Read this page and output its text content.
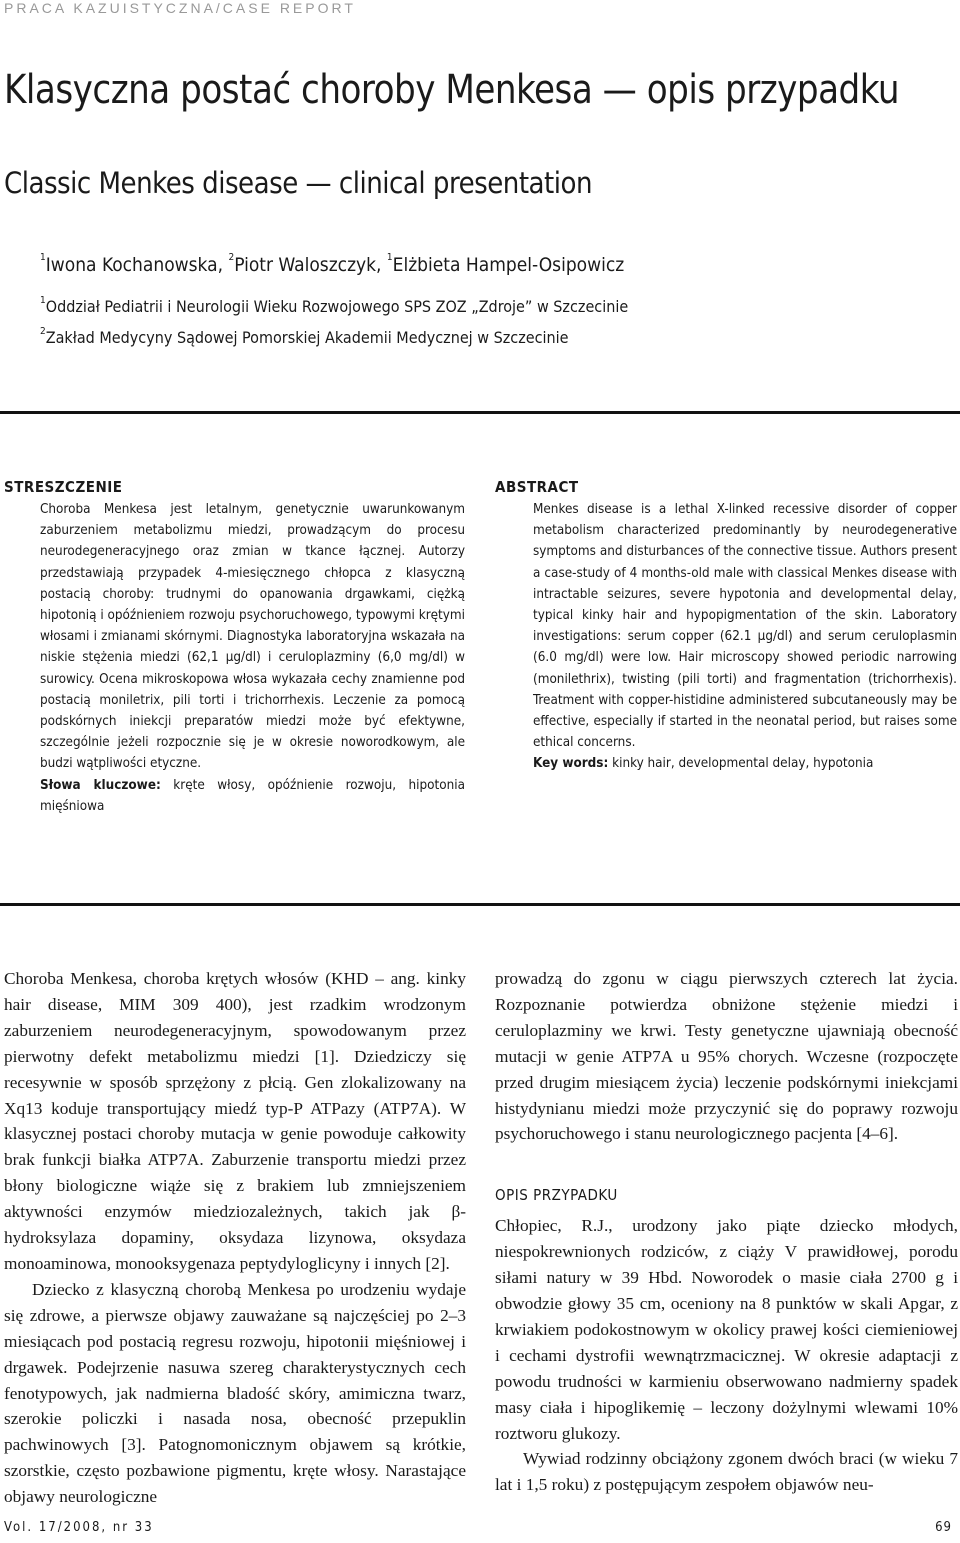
PRACA KAZUISTYCZNA/CASE REPORT
Klasyczna postać choroby Menkesa — opis przypadku
Classic Menkes disease — clinical presentation
$^1$Iwona Kochanowska, $^2$Piotr Waloszczyk, $^1$Elżbieta Hampel-Osipowicz
$^1$Oddział Pediatrii i Neurologii Wieku Rozwojowego SPS ZOZ „Zdroje” w Szczecinie
$^2$Zakład Medycyny Sądowej Pomorskiej Akademii Medycznej w Szczecinie
STRESZCZENIE

Choroba Menkesa jest letalnym, genetycznie uwarunkowanym zaburzeniem metabolizmu miedzi, prowadzącym do procesu neurodegeneracyjnego oraz zmian w tkance łącznej. Autorzy przedstawiają przypadek 4-miesięcznego chłopca z klasyczną postacią choroby: trudnymi do opanowania drgawkami, ciężką hipotonią i opóźnieniem rozwoju psychoruchowego, typowymi krętymi włosami i zmianami skórnymi. Diagnostyka laboratoryjna wskazała na niskie stężenia miedzi (62,1 μg/dl) i ceruloplazminy (6,0 mg/dl) w surowicy. Ocena mikroskopowa włosa wykazała cechy znamienne pod postacią moniletrix, pili torti i trichorrhexis. Leczenie za pomocą podskórnych iniekcji preparatów miedzi może być efektywne, szczególnie jeżeli rozpocznie się je w okresie noworodkowym, ale budzi wątpliwości etyczne.
Słowa kluczowe: kręte włosy, opóźnienie rozwoju, hipotonia mięśniowa

ABSTRACT

Menkes disease is a lethal X-linked recessive disorder of copper metabolism characterized predominantly by neurodegenerative symptoms and disturbances of the connective tissue. Authors present a case-study of 4 months-old male with classical Menkes disease with intractable seizures, severe hypotonia and developmental delay, typical kinky hair and hypopigmentation of the skin. Laboratory investigations: serum copper (62.1 μg/dl) and serum ceruloplasmin (6.0 mg/dl) were low. Hair microscopy showed periodic narrowing (monilethrix), twisting (pili torti) and fragmentation (trichorrhexis). Treatment with copper-histidine administered subcutaneously may be effective, especially if started in the neonatal period, but raises some ethical concerns.
Key words: kinky hair, developmental delay, hypotonia

Choroba Menkesa, choroba krętych włosów (KHD – ang. kinky hair disease, MIM 309 400), jest rzadkim wrodzonym zaburzeniem neurodegeneracyjnym, spowodowanym przez pierwotny defekt metabolizmu miedzi [1]. Dziedziczy się recesywnie w sposób sprzężony z płcią. Gen zlokalizowany na Xq13 koduje transportujący miedź typ-P ATPazy (ATP7A). W klasycznej postaci choroby mutacja w genie powoduje całkowity brak funkcji białka ATP7A. Zaburzenie transportu miedzi przez błony biologiczne wiąże się z brakiem lub zmniejszeniem aktywności enzymów miedziozależnych, takich jak β-hydroksylaza dopaminy, oksydaza lizynowa, oksydaza monoaminowa, monooksygenaza peptydyloglicyny i innych [2].

Dziecko z klasyczną chorobą Menkesa po urodzeniu wydaje się zdrowe, a pierwsze objawy zauważane są najczęściej po 2–3 miesiącach pod postacią regresu rozwoju, hipotonii mięśniowej i drgawek. Podejrzenie nasuwa szereg charakterystycznych cech fenotypowych, jak nadmierna bladość skóry, amimiczna twarz, szerokie policzki i nasada nosa, obecność przepuklin pachwinowych [3]. Patognomonicznym objawem są krótkie, szorstkie, często pozbawione pigmentu, kręte włosy. Narastające objawy neurologiczne

prowadzą do zgonu w ciągu pierwszych czterech lat życia. Rozpoznanie potwierdza obniżone stężenie miedzi i ceruloplazminy we krwi. Testy genetyczne ujawniają obecność mutacji w genie ATP7A u 95% chorych. Wczesne (rozpoczęte przed drugim miesiącem życia) leczenie podskórnymi iniekcjami histydynianu miedzi może przyczynić się do poprawy rozwoju psychoruchowego i stanu neurologicznego pacjenta [4–6].

OPIS PRZYPADKU

Chłopiec, R.J., urodzony jako piąte dziecko młodych, niespokrewnionych rodziców, z ciąży V prawidłowej, porodu siłami natury w 39 Hbd. Noworodek o masie ciała 2700 g i obwodzie głowy 35 cm, oceniony na 8 punktów w skali Apgar, z krwiakiem podokostnowym w okolicy prawej kości ciemieniowej i cechami dystrofii wewnątrzmacicznej. W okresie adaptacji z powodu trudności w karmieniu obserwowano nadmierny spadek masy ciała i hipoglikemię – leczony dożylnymi wlewami 10% roztworu glukozy.

Wywiad rodzinny obciążony zgonem dwóch braci (w wieku 7 lat i 1,5 roku) z postępującym zespołem objawów neu-

Vol. 17/2008, nr 33	69
